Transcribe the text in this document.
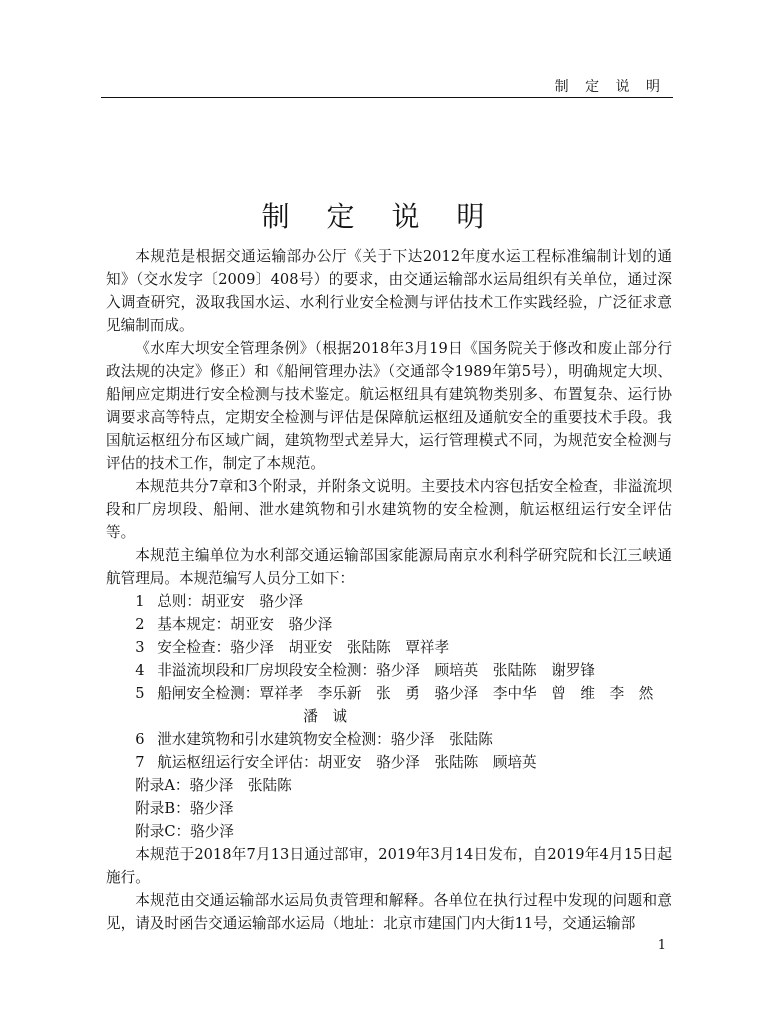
制 定 说 明

制 定 说 明

本规范是根据交通运输部办公厅《关于下达2012年度水运工程标准编制计划的通知》（交水发字〔2009〕408号）的要求，由交通运输部水运局组织有关单位，通过深入调查研究，汲取我国水运、水利行业安全检测与评估技术工作实践经验，广泛征求意见编制而成。

《水库大坝安全管理条例》（根据2018年3月19日《国务院关于修改和废止部分行政法规的决定》修正）和《船闸管理办法》（交通部令1989年第5号），明确规定大坝、船闸应定期进行安全检测与技术鉴定。航运枢纽具有建筑物类别多、布置复杂、运行协调要求高等特点，定期安全检测与评估是保障航运枢纽及通航安全的重要技术手段。我国航运枢纽分布区域广阔，建筑物型式差异大，运行管理模式不同，为规范安全检测与评估的技术工作，制定了本规范。

本规范共分7章和3个附录，并附条文说明。主要技术内容包括安全检查，非溢流坝段和厂房坝段、船闸、泄水建筑物和引水建筑物的安全检测，航运枢纽运行安全评估等。

本规范主编单位为水利部交通运输部国家能源局南京水利科学研究院和长江三峡通航管理局。本规范编写人员分工如下：

1 总则：胡亚安　骆少泽
2 基本规定：胡亚安　骆少泽
3 安全检查：骆少泽　胡亚安　张陆陈　覃祥孝
4 非溢流坝段和厂房坝段安全检测：骆少泽　顾培英　张陆陈　谢罗锋
5 船闸安全检测：覃祥孝　李乐新　张　勇　骆少泽　李中华　曾　维　李　然
潘　诚
6 泄水建筑物和引水建筑物安全检测：骆少泽　张陆陈
7 航运枢纽运行安全评估：胡亚安　骆少泽　张陆陈　顾培英
附录A：骆少泽　张陆陈
附录B：骆少泽
附录C：骆少泽

本规范于2018年7月13日通过部审，2019年3月14日发布，自2019年4月15日起施行。

本规范由交通运输部水运局负责管理和解释。各单位在执行过程中发现的问题和意见，请及时函告交通运输部水运局（地址：北京市建国门内大街11号，交通运输部

1
